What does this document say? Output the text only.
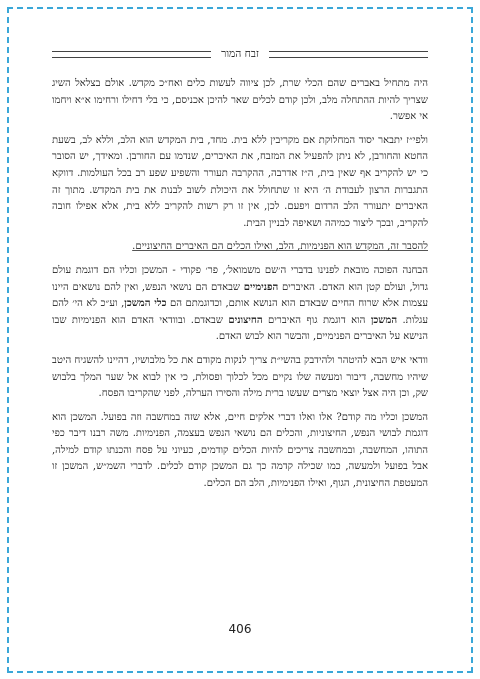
זבח המור

היה מתחיל באברים שהם הכלי שרת, לכן ציווה לעשות כלים ואח״כ מקדש. אולם בצלאל השיג שצריך להיות ההתחלה מלב, ולכן קודם לכלים שאר להיכן אכניסם, כי בלי דחילו ורחימו א״א ויחמו אי אפשר.

ולפי״ז יתבאר יסוד המחלוקת אם מקריבין ללא בית. מחד, בית המקדש הוא הלב, וללא לב, בשעת החטא והחורבן, לא ניתן להפעיל את המזבח, את האיברים, שנדמו עם החורבן. ומאידך, יש הסובר כי יש להקריב אף שאין בית, ה״ז אדרבה, ההקרבה תעורר והשפיע שפע רב בכל העולמות. דווקא התגברות הרצון לעבודת ה׳ היא זו שתחולל את היכולת לשוב לבנות את בית המקדש. מתוך זה האיברים יתעורר הלב הרדום ויפעם. לכן, אין זו רק רשות להקריב ללא בית, אלא אפילו חובה להקריב, ובכך ליצור כמיהה ושאיפה לבניין הבית.

להסבר זה, המקדש הוא הפנימיות, הלב, ואילו הכלים הם האיברים החיצוניים.

הבחנה הפוכה מובאת לפנינו בדברי ה׳שם משמואל׳, פר׳ פקודי - המשכן וכליו הם דוגמת עולם גדול, ועולם קטן הוא האדם. האיברים הפנימיים שבאדם הם נושאי הנפש, ואין להם נושאים היינו עצמות אלא שרוח החיים שבאדם הוא הנושא אותם, וכדוגמתם הם כלי המשכן, וע״כ לא הי׳ להם עגלות. המשכן הוא דוגמת גוף האיברים החיצונים שבאדם. ובוודאי האדם הוא הפנימיות שבו הנישא על האיברים הפנימיים, והבשר הוא לבוש האדם.

וודאי איש הבא להיטהר ולהידבק בהשי״ת צריך לנקות מקודם את כל מלבושיו, דהיינו להשגיח היטב שיהיו מחשבה, דיבור ומעשה שלו נקיים מכל לכלוך ופסולת, כי אין לבוא אל שער המלך בלבוש שק, וכן היה אצל יוצאי מצרים שעשו ברית מילה והסירו הערלה, לפני שהקריבו הפסח.

המשכן וכליו מה קודם? אלו ואלו דברי אלקים חיים, אלא שזה במחשבה וזה בפועל. המשכן הוא דוגמת לבושי הנפש, החיצוניות, והכלים הם נושאי הנפש בעצמה, הפנימיות. משה רבנו דיבר כפי התוהו, המחשבה, ובמחשבה צריכים להיות הכלים קודמים, כעיוני על פסח והכנתו קודם למילה, אבל בפועל ולמעשה, כמו שכילה קדמה כך גם המשכן קודם לכלים. לדברי השמ״ש, המשכן זו המעטפת החיצונית, הגוף, ואילו הפנימיות, הלב הם הכלים.

406
